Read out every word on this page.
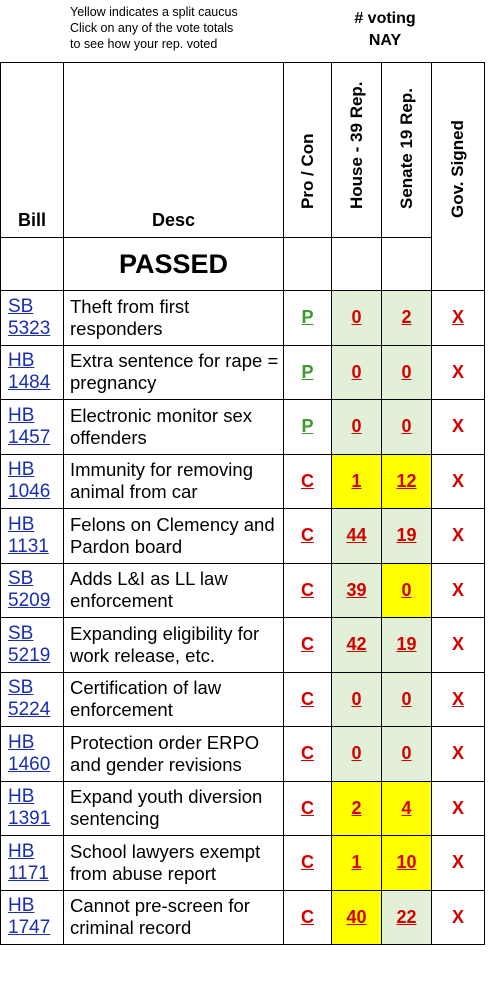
Yellow indicates a split caucus
Click on any of the vote totals
to see how your rep. voted
# voting
NAY
Bill	Desc	Pro / Con	House - 39 Rep.	Senate 19 Rep.	Gov. Signed

	PASSED				
SB
5323	Theft from first responders	P	0	2	X
HB
1484	Extra sentence for rape = pregnancy	P	0	0	X
HB
1457	Electronic monitor sex offenders	P	0	0	X
HB
1046	Immunity for removing animal from car	C	1	12	X
HB
1131	Felons on Clemency and Pardon board	C	44	19	X
SB
5209	Adds L&I as LL law enforcement	C	39	0	X
SB
5219	Expanding eligibility for work release, etc.	C	42	19	X
SB
5224	Certification of law enforcement	C	0	0	X
HB
1460	Protection order ERPO and gender revisions	C	0	0	X
HB
1391	Expand youth diversion sentencing	C	2	4	X
HB
1171	School lawyers exempt from abuse report	C	1	10	X
HB
1747	Cannot pre-screen for criminal record	C	40	22	X
